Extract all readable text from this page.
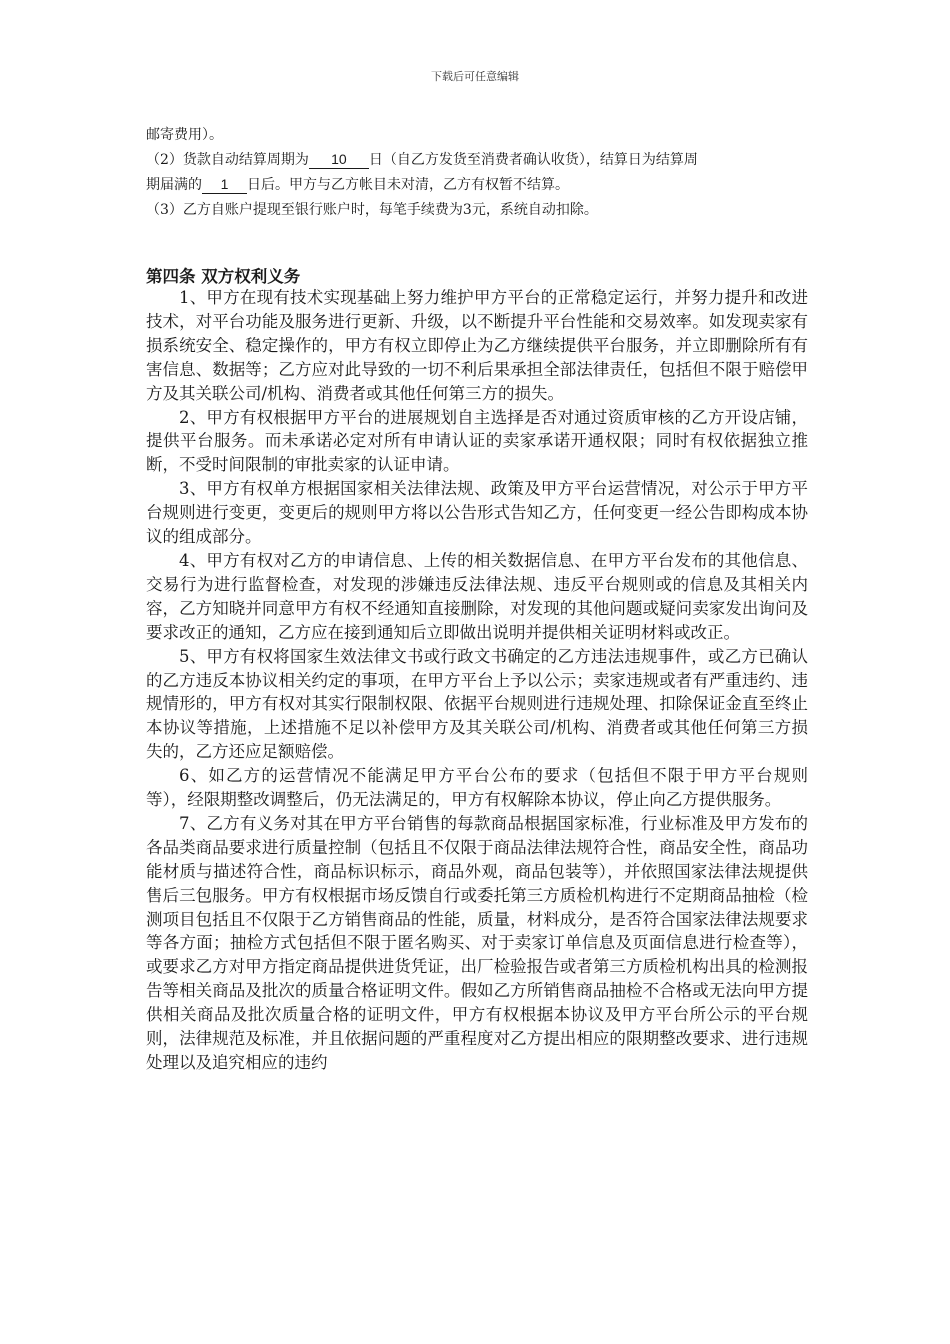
下载后可任意编辑

邮寄费用）。

（2）货款自动结算周期为 10 日（自乙方发货至消费者确认收货），结算日为结算周

期届满的 1 日后。甲方与乙方帐目未对清，乙方有权暂不结算。

（3）乙方自账户提现至银行账户时，每笔手续费为3元，系统自动扣除。

第四条 双方权利义务

1、甲方在现有技术实现基础上努力维护甲方平台的正常稳定运行，并努力提升和改进技术，对平台功能及服务进行更新、升级，以不断提升平台性能和交易效率。如发现卖家有损系统安全、稳定操作的，甲方有权立即停止为乙方继续提供平台服务，并立即删除所有有害信息、数据等；乙方应对此导致的一切不利后果承担全部法律责任，包括但不限于赔偿甲方及其关联公司/机构、消费者或其他任何第三方的损失。

2、甲方有权根据甲方平台的进展规划自主选择是否对通过资质审核的乙方开设店铺，提供平台服务。而未承诺必定对所有申请认证的卖家承诺开通权限；同时有权依据独立推断，不受时间限制的审批卖家的认证申请。

3、甲方有权单方根据国家相关法律法规、政策及甲方平台运营情况，对公示于甲方平台规则进行变更，变更后的规则甲方将以公告形式告知乙方，任何变更一经公告即构成本协议的组成部分。

4、甲方有权对乙方的申请信息、上传的相关数据信息、在甲方平台发布的其他信息、交易行为进行监督检查，对发现的涉嫌违反法律法规、违反平台规则或的信息及其相关内容，乙方知晓并同意甲方有权不经通知直接删除，对发现的其他问题或疑问卖家发出询问及要求改正的通知，乙方应在接到通知后立即做出说明并提供相关证明材料或改正。

5、甲方有权将国家生效法律文书或行政文书确定的乙方违法违规事件，或乙方已确认的乙方违反本协议相关约定的事项，在甲方平台上予以公示；卖家违规或者有严重违约、违规情形的，甲方有权对其实行限制权限、依据平台规则进行违规处理、扣除保证金直至终止本协议等措施，上述措施不足以补偿甲方及其关联公司/机构、消费者或其他任何第三方损失的，乙方还应足额赔偿。

6、如乙方的运营情况不能满足甲方平台公布的要求（包括但不限于甲方平台规则等），经限期整改调整后，仍无法满足的，甲方有权解除本协议，停止向乙方提供服务。

7、乙方有义务对其在甲方平台销售的每款商品根据国家标准，行业标准及甲方发布的各品类商品要求进行质量控制（包括且不仅限于商品法律法规符合性，商品安全性，商品功能材质与描述符合性，商品标识标示，商品外观，商品包装等），并依照国家法律法规提供售后三包服务。甲方有权根据市场反馈自行或委托第三方质检机构进行不定期商品抽检（检测项目包括且不仅限于乙方销售商品的性能，质量，材料成分，是否符合国家法律法规要求等各方面；抽检方式包括但不限于匿名购买、对于卖家订单信息及页面信息进行检查等），或要求乙方对甲方指定商品提供进货凭证，出厂检验报告或者第三方质检机构出具的检测报告等相关商品及批次的质量合格证明文件。假如乙方所销售商品抽检不合格或无法向甲方提供相关商品及批次质量合格的证明文件，甲方有权根据本协议及甲方平台所公示的平台规则，法律规范及标准，并且依据问题的严重程度对乙方提出相应的限期整改要求、进行违规处理以及追究相应的违约
